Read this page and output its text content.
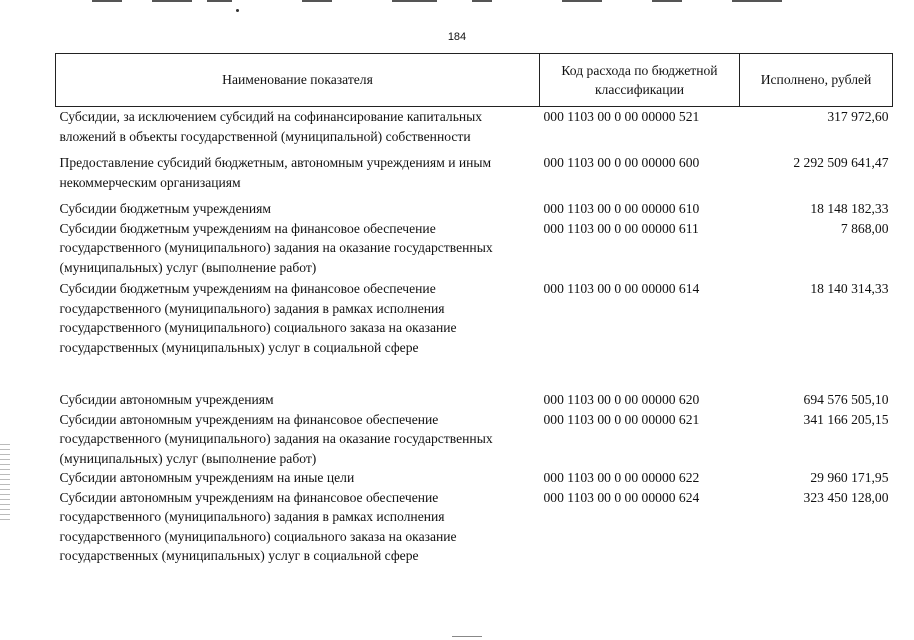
184
Наименование показателя	Код расхода по бюджетной классификации	Исполнено, рублей
Субсидии, за исключением субсидий на софинансирование капитальных вложений в объекты государственной (муниципальной) собственности	000 1103 00 0 00 00000 521	317 972,60
Предоставление субсидий бюджетным, автономным учреждениям и иным некоммерческим организациям	000 1103 00 0 00 00000 600	2 292 509 641,47
Субсидии бюджетным учреждениям	000 1103 00 0 00 00000 610	18 148 182,33
Субсидии бюджетным учреждениям на финансовое обеспечение государственного (муниципального) задания на оказание государственных (муниципальных) услуг (выполнение работ)	000 1103 00 0 00 00000 611	7 868,00
Субсидии бюджетным учреждениям на финансовое обеспечение государственного (муниципального) задания в рамках исполнения государственного (муниципального) социального заказа на оказание государственных (муниципальных) услуг в социальной сфере	000 1103 00 0 00 00000 614	18 140 314,33
Субсидии автономным учреждениям	000 1103 00 0 00 00000 620	694 576 505,10
Субсидии автономным учреждениям на финансовое обеспечение государственного (муниципального) задания на оказание государственных (муниципальных) услуг (выполнение работ)	000 1103 00 0 00 00000 621	341 166 205,15
Субсидии автономным учреждениям на иные цели	000 1103 00 0 00 00000 622	29 960 171,95
Субсидии автономным учреждениям на финансовое обеспечение государственного (муниципального) задания в рамках исполнения государственного (муниципального) социального заказа на оказание государственных (муниципальных) услуг в социальной сфере	000 1103 00 0 00 00000 624	323 450 128,00
